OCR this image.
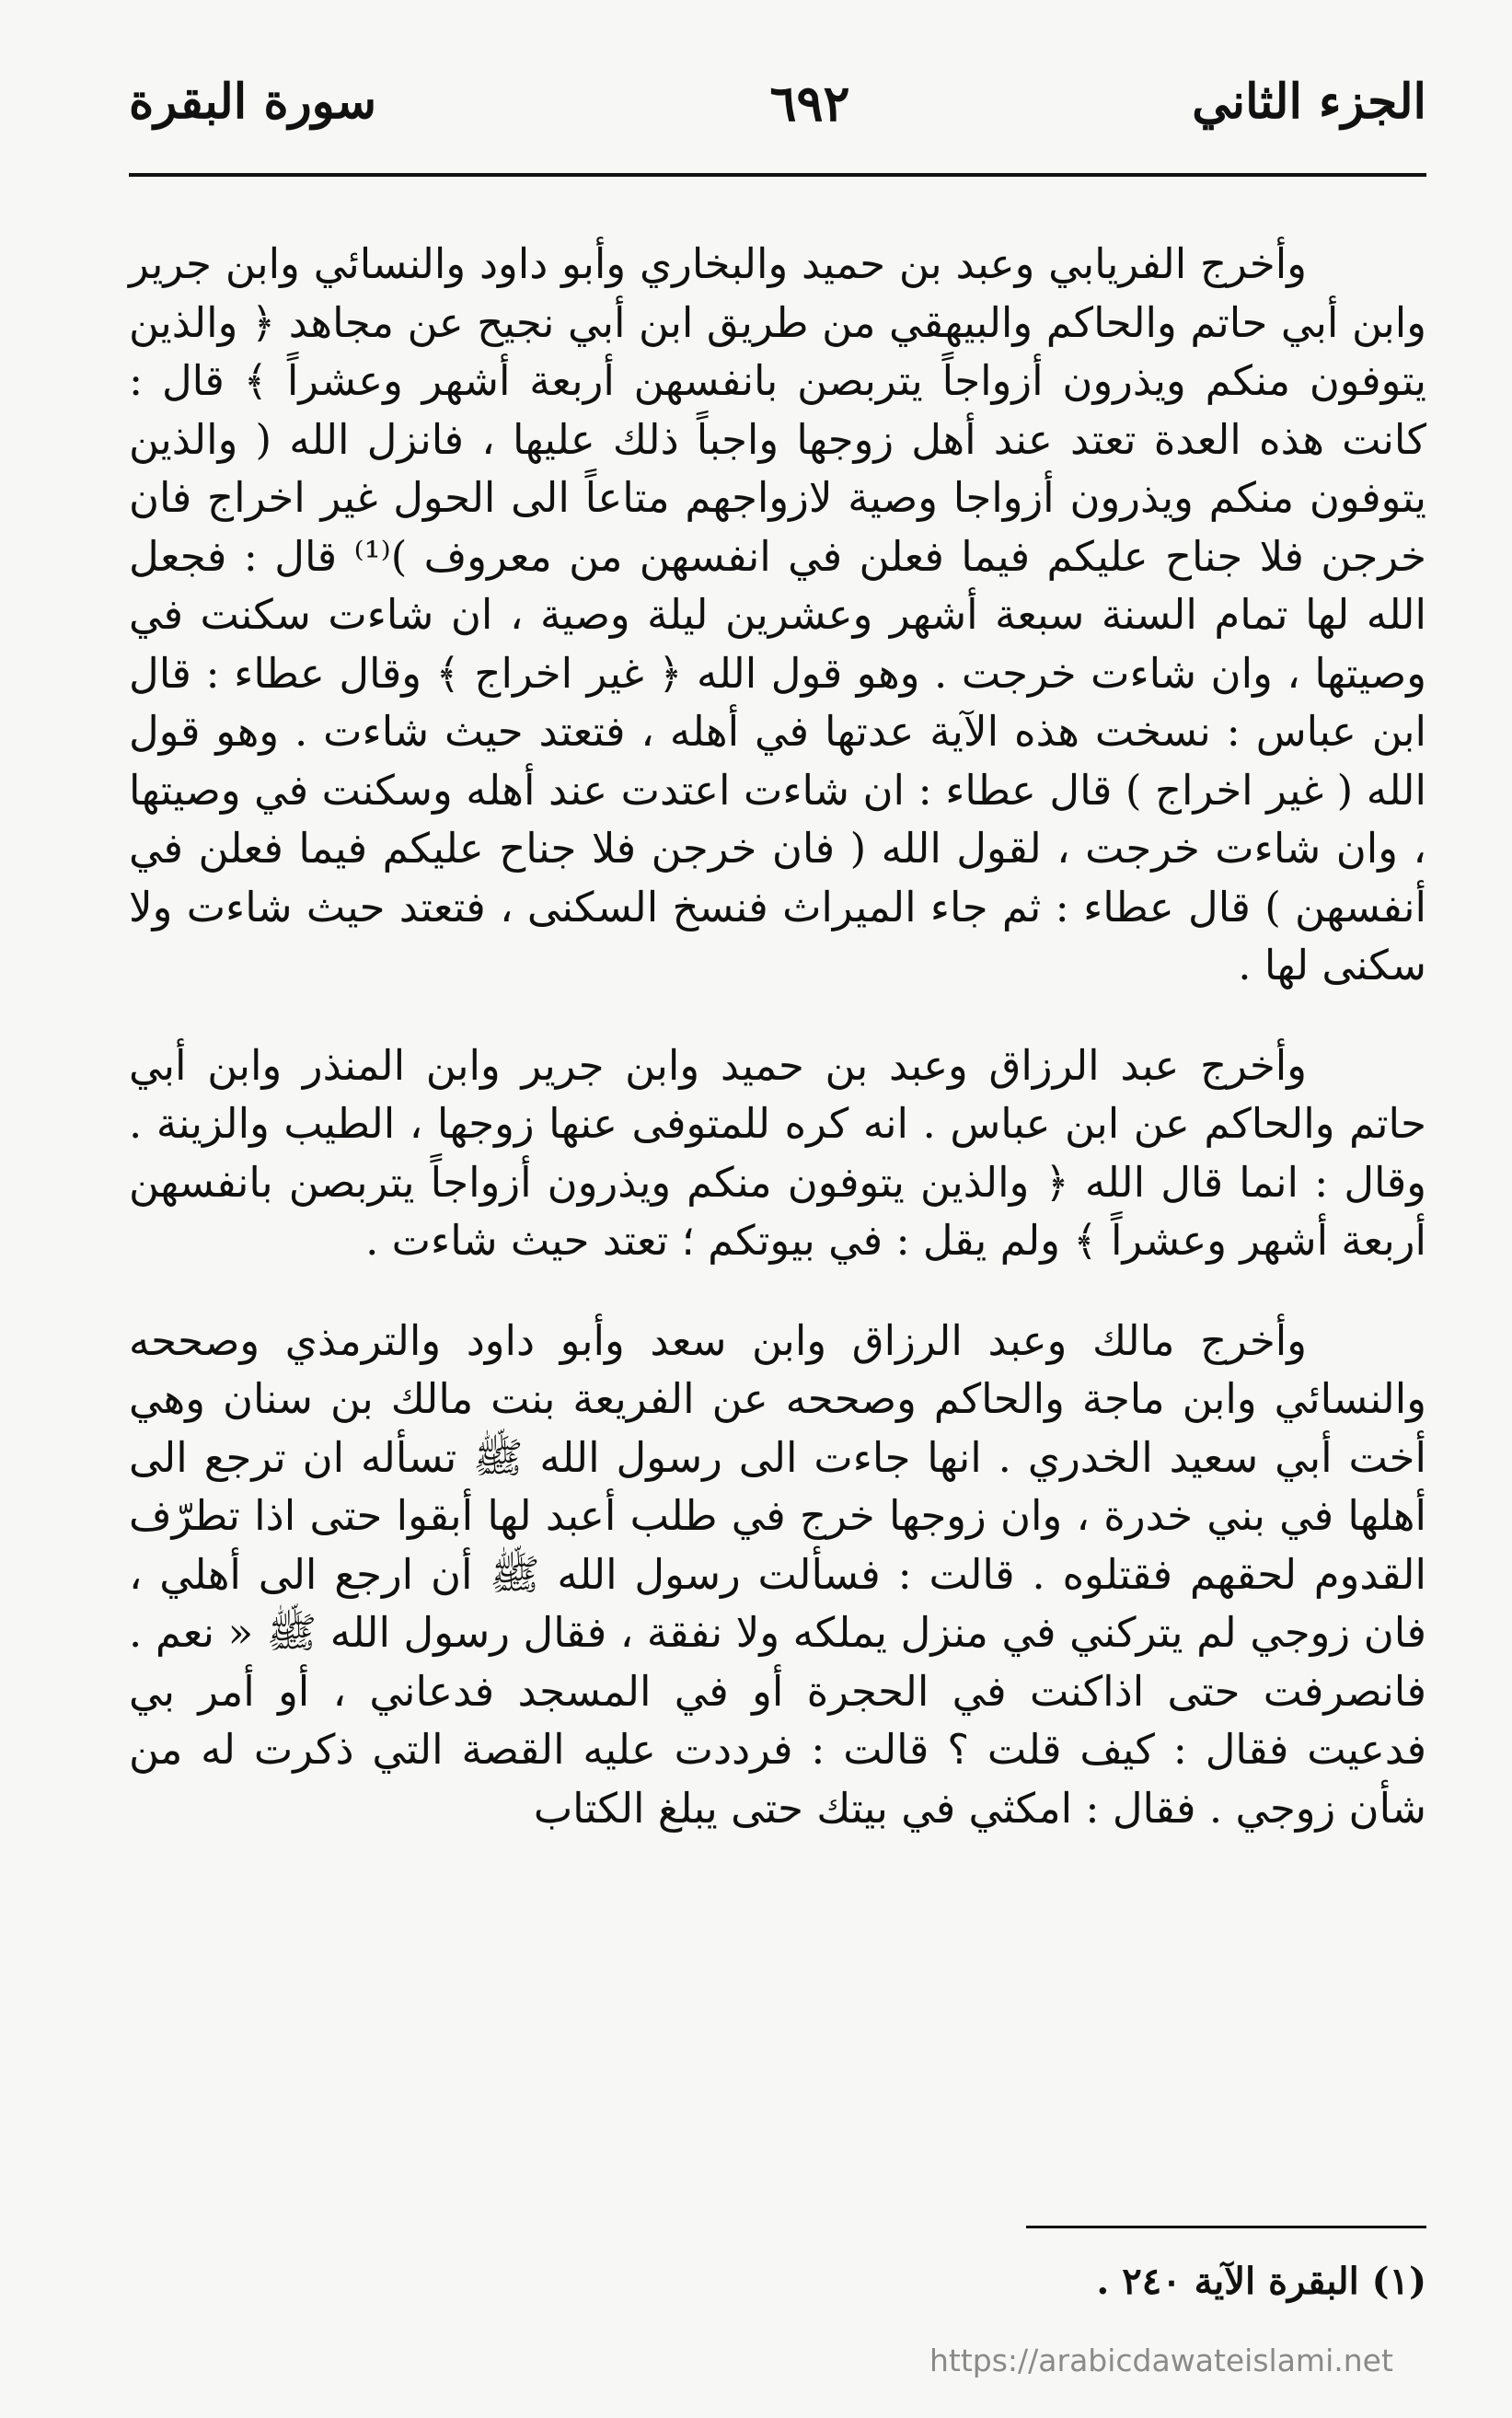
الجزء الثاني
٦٩٢
سورة البقرة

وأخرج الفريابي وعبد بن حميد والبخاري وأبو داود والنسائي وابن جرير وابن أبي حاتم والحاكم والبيهقي من طريق ابن أبي نجيح عن مجاهد ﴿ والذين يتوفون منكم ويذرون أزواجاً يتربصن بانفسهن أربعة أشهر وعشراً ﴾ قال : كانت هذه العدة تعتد عند أهل زوجها واجباً ذلك عليها ، فانزل الله ( والذين يتوفون منكم ويذرون أزواجا وصية لازواجهم متاعاً الى الحول غير اخراج فان خرجن فلا جناح عليكم فيما فعلن في انفسهن من معروف )⁽¹⁾ قال : فجعل الله لها تمام السنة سبعة أشهر وعشرين ليلة وصية ، ان شاءت سكنت في وصيتها ، وان شاءت خرجت . وهو قول الله ﴿ غير اخراج ﴾ وقال عطاء : قال ابن عباس : نسخت هذه الآية عدتها في أهله ، فتعتد حيث شاءت . وهو قول الله ( غير اخراج ) قال عطاء : ان شاءت اعتدت عند أهله وسكنت في وصيتها ، وان شاءت خرجت ، لقول الله ( فان خرجن فلا جناح عليكم فيما فعلن في أنفسهن ) قال عطاء : ثم جاء الميراث فنسخ السكنى ، فتعتد حيث شاءت ولا سكنى لها .

وأخرج عبد الرزاق وعبد بن حميد وابن جرير وابن المنذر وابن أبي حاتم والحاكم عن ابن عباس . انه كره للمتوفى عنها زوجها ، الطيب والزينة . وقال : انما قال الله ﴿ والذين يتوفون منكم ويذرون أزواجاً يتربصن بانفسهن أربعة أشهر وعشراً ﴾ ولم يقل : في بيوتكم ؛ تعتد حيث شاءت .

وأخرج مالك وعبد الرزاق وابن سعد وأبو داود والترمذي وصححه والنسائي وابن ماجة والحاكم وصححه عن الفريعة بنت مالك بن سنان وهي أخت أبي سعيد الخدري . انها جاءت الى رسول الله ﷺ تسأله ان ترجع الى أهلها في بني خدرة ، وان زوجها خرج في طلب أعبد لها أبقوا حتى اذا تطرّف القدوم لحقهم فقتلوه . قالت : فسألت رسول الله ﷺ أن ارجع الى أهلي ، فان زوجي لم يتركني في منزل يملكه ولا نفقة ، فقال رسول الله ﷺ « نعم . فانصرفت حتى اذاكنت في الحجرة أو في المسجد فدعاني ، أو أمر بي فدعيت فقال : كيف قلت ؟ قالت : فرددت عليه القصة التي ذكرت له من شأن زوجي . فقال : امكثي في بيتك حتى يبلغ الكتاب

(١) البقرة الآية ٢٤٠ .
https://arabicdawateislami.net
